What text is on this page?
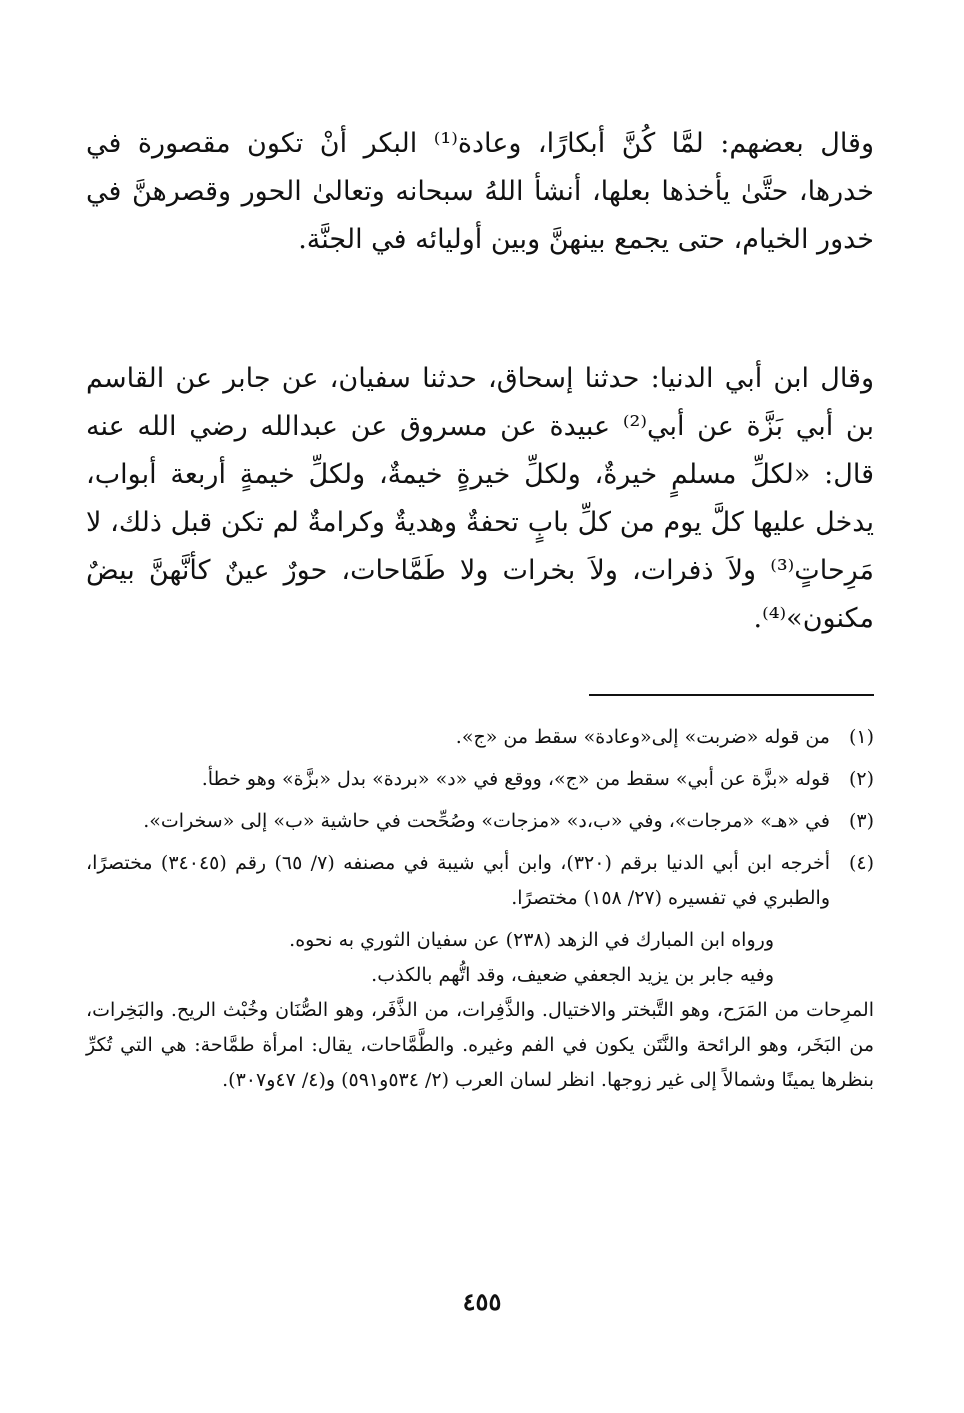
وقال بعضهم: لمَّا كُنَّ أبكارًا، وعادة⁽¹⁾ البكر أنْ تكون مقصورة في خدرها، حتَّىٰ يأخذها بعلها، أنشأ اللهُ سبحانه وتعالىٰ الحور وقصرهنَّ في خدور الخيام، حتى يجمع بينهنَّ وبين أوليائه في الجنَّة.

وقال ابن أبي الدنيا: حدثنا إسحاق، حدثنا سفيان، عن جابر عن القاسم بن أبي بَزَّة عن أبي⁽²⁾ عبيدة عن مسروق عن عبدالله رضي الله عنه قال: «لكلِّ مسلمٍ خيرةٌ، ولكلِّ خيرةٍ خيمةٌ، ولكلِّ خيمةٍ أربعة أبواب، يدخل عليها كلَّ يوم من كلِّ بابٍ تحفةٌ وهديةٌ وكرامةٌ لم تكن قبل ذلك، لا مَرِحاتٍ⁽³⁾ ولاَ ذفرات، ولاَ بخرات ولا طَمَّاحات، حورٌ عينٌ كأنَّهنَّ بيضٌ مكنون»⁽⁴⁾.

(١)
من قوله «ضربت» إلى«وعادة» سقط من «ج».
(٢)
قوله «بزَّة عن أبي» سقط من «ج»، ووقع في «د» «بردة» بدل «بزَّة» وهو خطأ.
(٣)
في «هـ» «مرجات»، وفي «ب،د» «مزجات» وصُحِّحت في حاشية «ب» إلى «سخرات».
(٤)
أخرجه ابن أبي الدنيا برقم (٣٢٠)، وابن أبي شيبة في مصنفه (٧/ ٦٥) رقم (٣٤٠٤٥) مختصرًا، والطبري في تفسيره (٢٧/ ١٥٨) مختصرًا.

ورواه ابن المبارك في الزهد (٢٣٨) عن سفيان الثوري به نحوه.

وفيه جابر بن يزيد الجعفي ضعيف، وقد اتُّهم بالكذب.

المرِحات من المَرَح، وهو التَّبختر والاختيال. والذَّفِرات، من الذَّفَر، وهو الصُّنَان وخُبْث الريح. والبَخِرات، من البَخَر، وهو الرائحة والنَّتَن يكون في الفم وغيره. والطَّمَّاحات، يقال: امرأة طمَّاحة: هي التي تُكرِّ بنظرها يمينًا وشمالاً إلى غير زوجها. انظر لسان العرب (٢/ ٥٣٤و٥٩١) و(٤/ ٤٧و٣٠٧).

٤٥٥
